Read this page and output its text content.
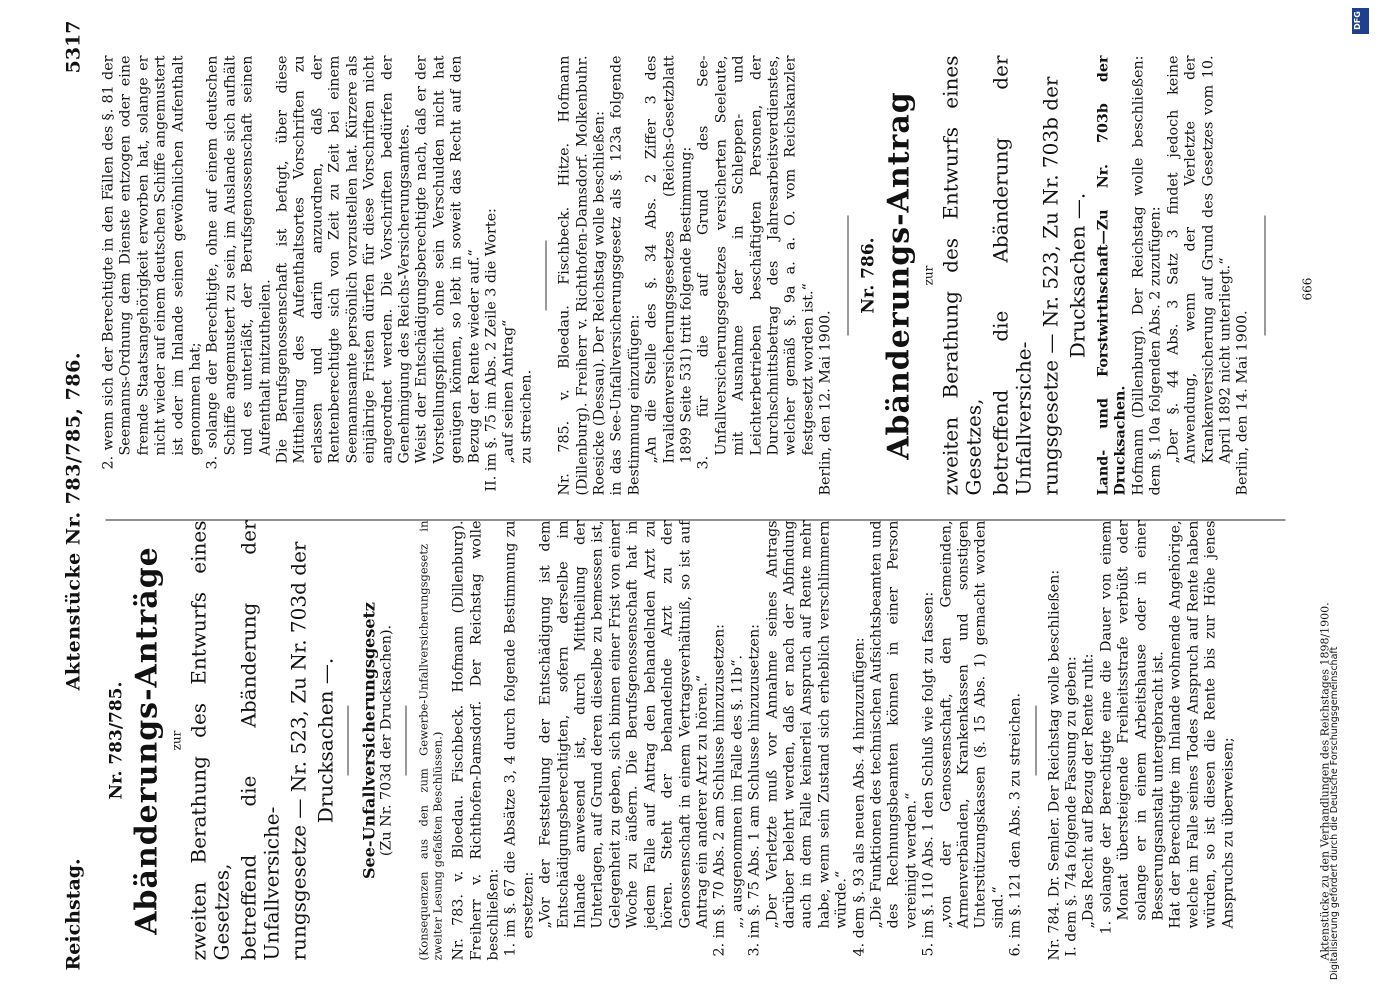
Reichstag.
Aktenstücke Nr. 783/785, 786.
5317

Nr. 783/785. Abänderungs-Anträge zur zweiten Berathung des Entwurfs eines Gesetzes, betreffend die Abänderung der Unfallversiche- rungsgesetze — Nr. 523, Zu Nr. 703d der Drucksachen —. See-Unfallversicherungsgesetz (Zu Nr. 703d der Drucksachen). (Konsequenzen aus den zum Gewerbe-Unfallversicherungsgesetz in zweiter Lesung gefaßten Beschlüssen.) Nr. 783. v. Bloedau. Fischbeck. Hofmann (Dillenburg). Freiherr v. Richthofen-Damsdorf. Der Reichstag wolle beschließen: 1. im §. 67 die Absätze 3, 4 durch folgende Bestimmung zu ersetzen: „Vor der Feststellung der Entschädigung ist dem Entschädigungsberechtigten, sofern derselbe im Inlande anwesend ist, durch Mittheilung der Unterlagen, auf Grund deren dieselbe zu bemessen ist, Gelegenheit zu geben, sich binnen einer Frist von einer Woche zu äußern. Die Berufsgenossenschaft hat in jedem Falle auf Antrag den behandelnden Arzt zu hören. Steht der behandelnde Arzt zu der Genossenschaft in einem Vertragsverhältniß, so ist auf Antrag ein anderer Arzt zu hören.“ 2. im §. 70 Abs. 2 am Schlusse hinzuzusetzen: „, ausgenommen im Falle des §. 11b“. 3. im §. 75 Abs. 1 am Schlusse hinzuzusetzen: „Der Verletzte muß vor Annahme seines Antrags darüber belehrt werden, daß er nach der Abfindung auch in dem Falle keinerlei Anspruch auf Rente mehr habe, wenn sein Zustand sich erheblich verschlimmern würde.“ 4. dem §. 93 als neuen Abs. 4 hinzuzufügen: „Die Funktionen des technischen Aufsichtsbeamten und des Rechnungsbeamten können in einer Person vereinigt werden.“ 5. im §. 110 Abs. 1 den Schluß wie folgt zu fassen: „von der Genossenschaft, den Gemeinden, Armenverbänden, Krankenkassen und sonstigen Unterstützungskassen (§. 15 Abs. 1) gemacht worden sind.“ 6. im §. 121 den Abs. 3 zu streichen. Nr. 784. Dr. Semler. Der Reichstag wolle beschließen: I. dem §. 74a folgende Fassung zu geben: „Das Recht auf Bezug der Rente ruht: 1. solange der Berechtigte eine die Dauer von einem Monat übersteigende Freiheitsstrafe verbüßt oder solange er in einem Arbeitshause oder in einer Besserungsanstalt untergebracht ist. Hat der Berechtigte im Inlande wohnende Angehörige, welche im Falle seines Todes Anspruch auf Rente haben würden, so ist diesen die Rente bis zur Höhe jenes Anspruchs zu überweisen;

2. wenn sich der Berechtigte in den Fällen des §. 81 der Seemanns-Ordnung dem Dienste entzogen oder eine fremde Staatsangehörigkeit erworben hat, solange er nicht wieder auf einem deutschen Schiffe angemustert ist oder im Inlande seinen gewöhnlichen Aufenthalt genommen hat; 3. solange der Berechtigte, ohne auf einem deutschen Schiffe angemustert zu sein, im Auslande sich aufhält und es unterläßt, der Berufsgenossenschaft seinen Aufenthalt mitzutheilen. Die Berufsgenossenschaft ist befugt, über diese Mittheilung des Aufenthaltsortes Vorschriften zu erlassen und darin anzuordnen, daß der Rentenberechtigte sich von Zeit zu Zeit bei einem Seemannsamte persönlich vorzustellen hat. Kürzere als einjährige Fristen dürfen für diese Vorschriften nicht angeordnet werden. Die Vorschriften bedürfen der Genehmigung des Reichs-Versicherungsamtes. Weist der Entschädigungsberechtigte nach, daß er der Vorstellungspflicht ohne sein Verschulden nicht hat genügen können, so lebt in soweit das Recht auf den Bezug der Rente wieder auf.“ II. im §. 75 im Abs. 2 Zeile 3 die Worte: „auf seinen Antrag“ zu streichen. Nr. 785. v. Bloedau. Fischbeck. Hitze. Hofmann (Dillenburg). Freiherr v. Richthofen-Damsdorf. Molkenbuhr. Roesicke (Dessau). Der Reichstag wolle beschließen: in das See-Unfallversicherungsgesetz als §. 123a folgende Bestimmung einzufügen: „An die Stelle des §. 34 Abs. 2 Ziffer 3 des Invalidenversicherungsgesetzes (Reichs-Gesetzblatt 1899 Seite 531) tritt folgende Bestimmung: 3. für die auf Grund des See-Unfallversicherungsgesetzes versicherten Seeleute, mit Ausnahme der in Schleppen- und Leichterbetrieben beschäftigten Personen, der Durchschnittsbetrag des Jahresarbeitsverdienstes, welcher gemäß §. 9a a. a. O. vom Reichskanzler festgesetzt worden ist.“ Berlin, den 12. Mai 1900.

Nr. 786. Abänderungs-Antrag zur zweiten Berathung des Entwurfs eines Gesetzes, betreffend die Abänderung der Unfallversiche- rungsgesetze — Nr. 523, Zu Nr. 703b der Drucksachen —. Land- und Forstwirthschaft—Zu Nr. 703b der Drucksachen. Hofmann (Dillenburg). Der Reichstag wolle beschließen: dem §. 10a folgenden Abs. 2 zuzufügen: „Der §. 44 Abs. 3 Satz 3 findet jedoch keine Anwendung, wenn der Verletzte der Krankenversicherung auf Grund des Gesetzes vom 10. April 1892 nicht unterliegt.“ Berlin, den 14. Mai 1900.

Aktenstücke zu den Verhandlungen des Reichstages 1898/1900.
666
Digitalisierung gefördert durch die Deutsche Forschungsgemeinschaft
DFG
